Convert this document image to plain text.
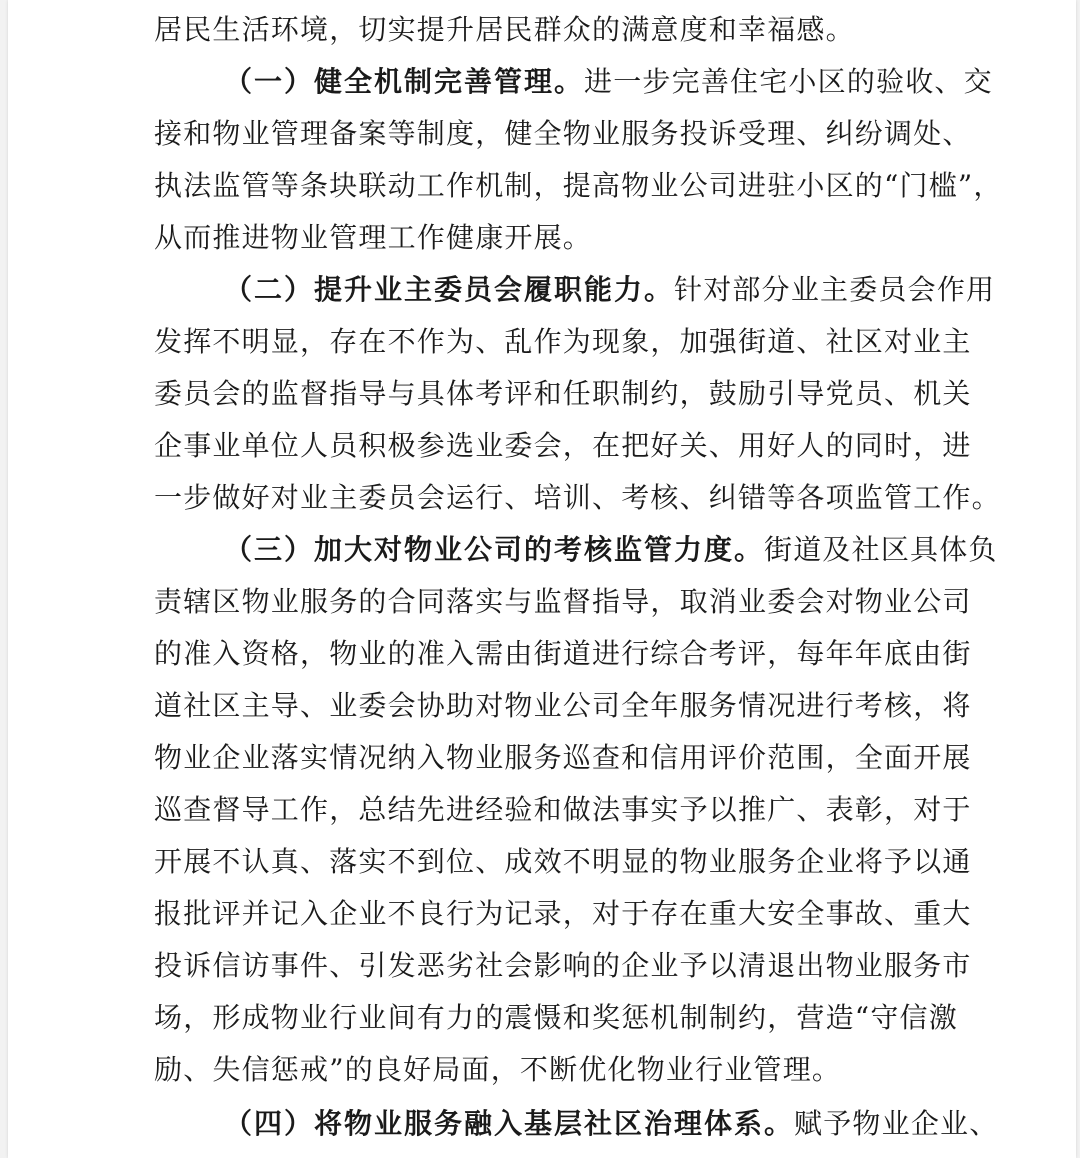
居民生活环境，切实提升居民群众的满意度和幸福感。
（一）健全机制完善管理。进一步完善住宅小区的验收、交
接和物业管理备案等制度，健全物业服务投诉受理、纠纷调处、
执法监管等条块联动工作机制，提高物业公司进驻小区的“门槛”，
从而推进物业管理工作健康开展。
（二）提升业主委员会履职能力。针对部分业主委员会作用
发挥不明显，存在不作为、乱作为现象，加强街道、社区对业主
委员会的监督指导与具体考评和任职制约，鼓励引导党员、机关
企事业单位人员积极参选业委会，在把好关、用好人的同时，进
一步做好对业主委员会运行、培训、考核、纠错等各项监管工作。
（三）加大对物业公司的考核监管力度。街道及社区具体负
责辖区物业服务的合同落实与监督指导，取消业委会对物业公司
的准入资格，物业的准入需由街道进行综合考评，每年年底由街
道社区主导、业委会协助对物业公司全年服务情况进行考核，将
物业企业落实情况纳入物业服务巡查和信用评价范围，全面开展
巡查督导工作，总结先进经验和做法事实予以推广、表彰，对于
开展不认真、落实不到位、成效不明显的物业服务企业将予以通
报批评并记入企业不良行为记录，对于存在重大安全事故、重大
投诉信访事件、引发恶劣社会影响的企业予以清退出物业服务市
场，形成物业行业间有力的震慑和奖惩机制制约，营造“守信激
励、失信惩戒”的良好局面，不断优化物业行业管理。
（四）将物业服务融入基层社区治理体系。赋予物业企业、
